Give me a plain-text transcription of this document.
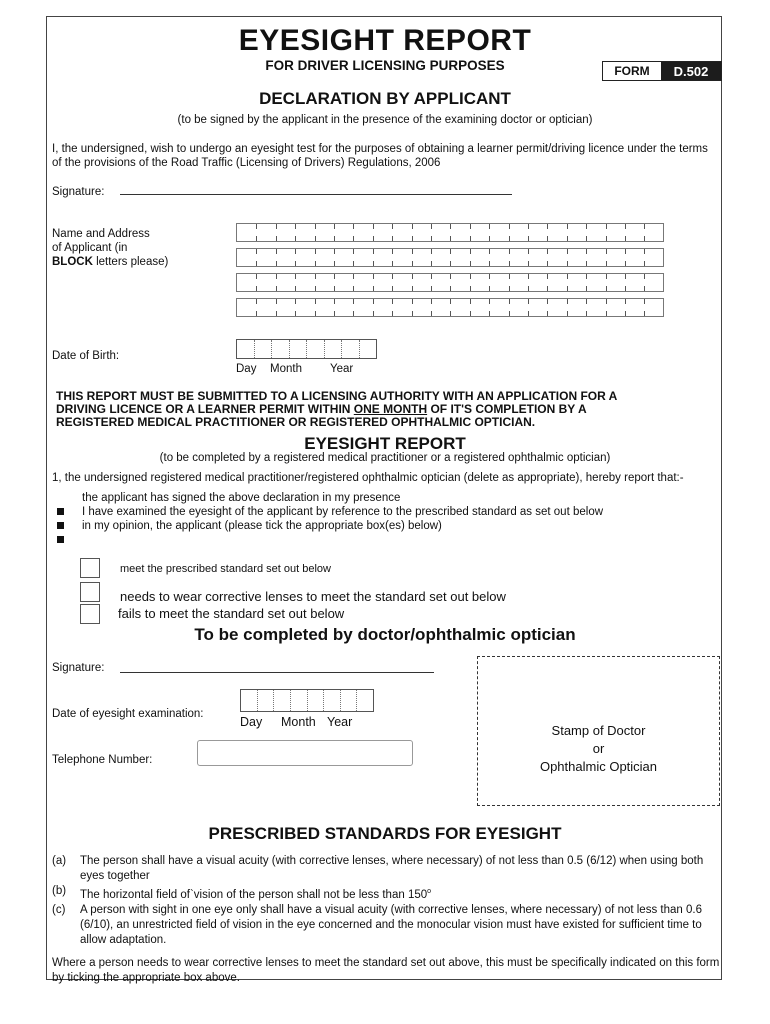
EYESIGHT REPORT
FOR DRIVER LICENSING PURPOSES	FORM	D.502
DECLARATION BY APPLICANT
(to be signed by the applicant in the presence of the examining doctor or optician)
I, the undersigned, wish to undergo an eyesight test for the purposes of obtaining a learner permit/driving licence under the terms of the provisions of the Road Traffic (Licensing of Drivers) Regulations, 2006
Signature:
Name and Address
of Applicant (in
BLOCK letters please)
Date of Birth:
Day Month Year
THIS REPORT MUST BE SUBMITTED TO A LICENSING AUTHORITY WITH AN APPLICATION FOR A
DRIVING LICENCE OR A LEARNER PERMIT WITHIN ONE MONTH OF IT'S COMPLETION BY A
REGISTERED MEDICAL PRACTITIONER OR REGISTERED OPHTHALMIC OPTICIAN.
EYESIGHT REPORT
(to be completed by a registered medical practitioner or a registered ophthalmic optician)
1, the undersigned registered medical practitioner/registered ophthalmic optician (delete as appropriate), hereby report that:-
the applicant has signed the above declaration in my presence
I have examined the eyesight of the applicant by reference to the prescribed standard as set out below
in my opinion, the applicant (please tick the appropriate box(es) below)
meet the prescribed standard set out below
needs to wear corrective lenses to meet the standard set out below
fails to meet the standard set out below
To be completed by doctor/ophthalmic optician
Signature:
Date of eyesight examination:
Day Month Year
Telephone Number:
Stamp of Doctor
or
Ophthalmic Optician
PRESCRIBED STANDARDS FOR EYESIGHT
(a)	The person shall have a visual acuity (with corrective lenses, where necessary) of not less than 0.5 (6/12) when using both eyes together
(b)	The horizontal field of`vision of the person shall not be less than 150$^o$
(c)	A person with sight in one eye only shall have a visual acuity (with corrective lenses, where necessary) of not less than 0.6 (6/10), an unrestricted field of vision in the eye concerned and the monocular vision must have existed for sufficient time to allow adaptation.
Where a person needs to wear corrective lenses to meet the standard set out above, this must be specifically indicated on this form by ticking the appropriate box above.
